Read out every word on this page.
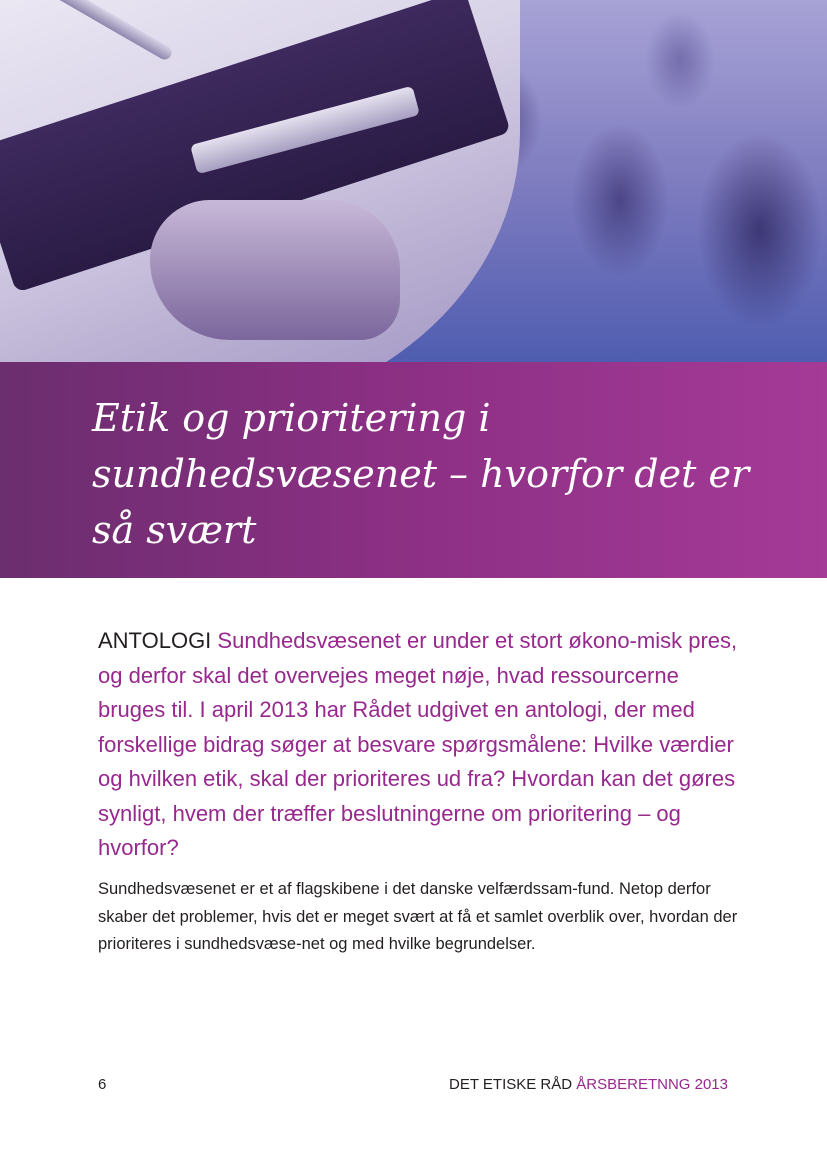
Etik og prioritering i sundhedsvæsenet – hvorfor det er så svært

ANTOLOGI Sundhedsvæsenet er under et stort økono-misk pres, og derfor skal det overvejes meget nøje, hvad ressourcerne bruges til. I april 2013 har Rådet udgivet en antologi, der med forskellige bidrag søger at besvare spørgsmålene: Hvilke værdier og hvilken etik, skal der prioriteres ud fra? Hvordan kan det gøres synligt, hvem der træffer beslutningerne om prioritering – og hvorfor?

Sundhedsvæsenet er et af flagskibene i det danske velfærdssam-fund. Netop derfor skaber det problemer, hvis det er meget svært at få et samlet overblik over, hvordan der prioriteres i sundhedsvæse-net og med hvilke begrundelser.

6	DET ETISKE RÅD ÅRSBERETNNG 2013
